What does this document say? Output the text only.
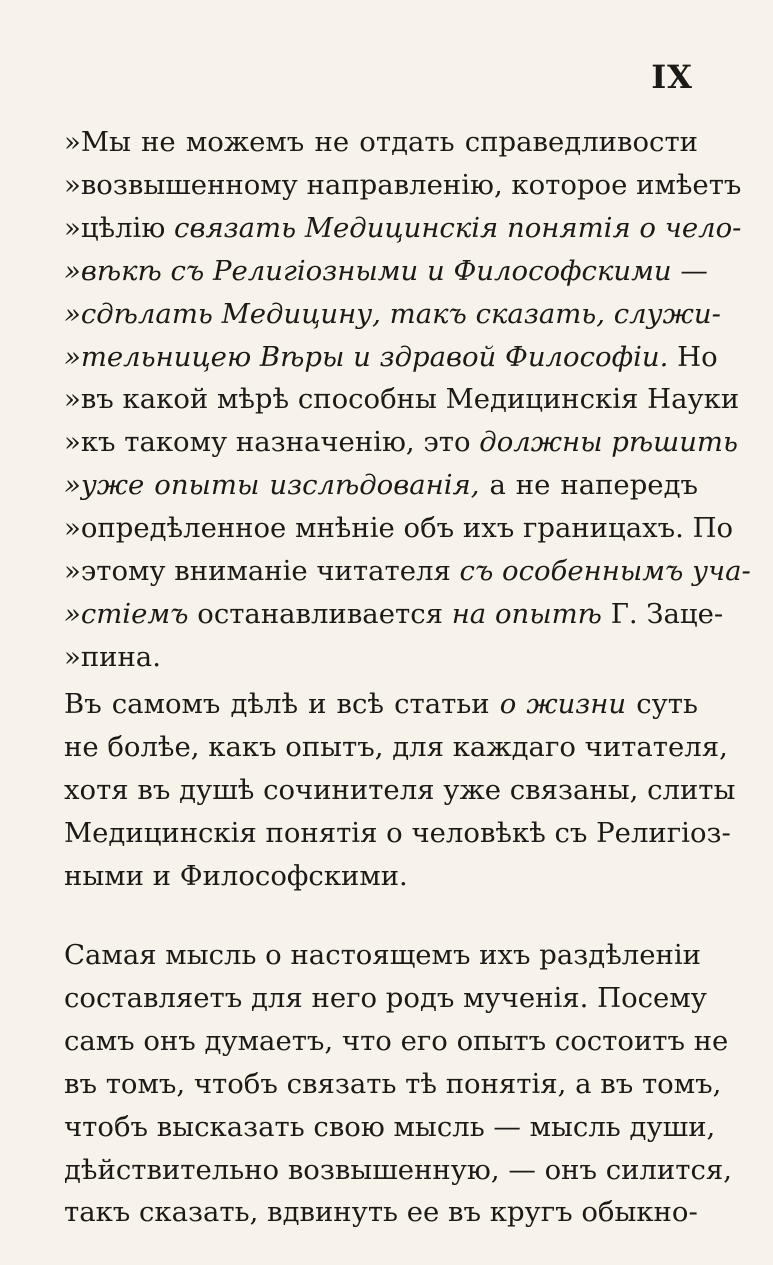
IX
»Мы не можемъ не отдать справедливости
»возвышенному направленію, которое имѣетъ
»цѣлію связать Медицинскія понятія о чело-
»вѣкѣ съ Религіозными и Философскими —
»сдѣлать Медицину, такъ сказать, служи-
»тельницею Вѣры и здравой Философіи. Но
»въ какой мѣрѣ способны Медицинскія Науки
»къ такому назначенію, это должны рѣшить
»уже опыты изслѣдованія, а не напередъ
»опредѣленное мнѣніе объ ихъ границахъ. По
»этому вниманіе читателя съ особеннымъ уча-
»стіемъ останавливается на опытѣ Г. Заце-
»пина.
Въ самомъ дѣлѣ и всѣ статьи о жизни суть
не болѣе, какъ опытъ, для каждаго читателя,
хотя въ душѣ сочинителя уже связаны, слиты
Медицинскія понятія о человѣкѣ съ Религіоз-
ными и Философскими.
Самая мысль о настоящемъ ихъ раздѣленіи
составляетъ для него родъ мученія. Посему
самъ онъ думаетъ, что его опытъ состоитъ не
въ томъ, чтобъ связать тѣ понятія, а въ томъ,
чтобъ высказать свою мысль — мысль души,
дѣйствительно возвышенную, — онъ силится,
такъ сказать, вдвинуть ее въ кругъ обыкно-
